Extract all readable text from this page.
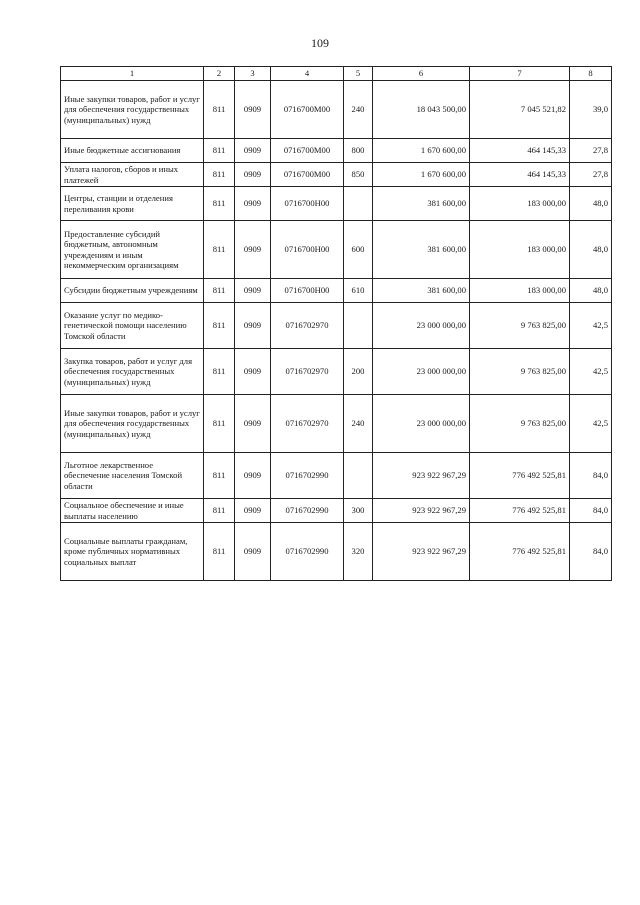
109
1	2	3	4	5	6	7	8
Иные закупки товаров, работ и услуг для обеспечения государственных (муниципальных) нужд	811	0909	0716700М00	240	18 043 500,00	7 045 521,82	39,0
Иные бюджетные ассигнования	811	0909	0716700М00	800	1 670 600,00	464 145,33	27,8
Уплата налогов, сборов и иных платежей	811	0909	0716700М00	850	1 670 600,00	464 145,33	27,8
Центры, станции и отделения переливания крови	811	0909	0716700Н00		381 600,00	183 000,00	48,0
Предоставление субсидий бюджетным, автономным учреждениям и иным некоммерческим организациям	811	0909	0716700Н00	600	381 600,00	183 000,00	48,0
Субсидии бюджетным учреждениям	811	0909	0716700Н00	610	381 600,00	183 000,00	48,0
Оказание услуг по медико-генетической помощи населению Томской области	811	0909	0716702970		23 000 000,00	9 763 825,00	42,5
Закупка товаров, работ и услуг для обеспечения государственных (муниципальных) нужд	811	0909	0716702970	200	23 000 000,00	9 763 825,00	42,5
Иные закупки товаров, работ и услуг для обеспечения государственных (муниципальных) нужд	811	0909	0716702970	240	23 000 000,00	9 763 825,00	42,5
Льготное лекарственное обеспечение населения Томской области	811	0909	0716702990		923 922 967,29	776 492 525,81	84,0
Социальное обеспечение и иные выплаты населению	811	0909	0716702990	300	923 922 967,29	776 492 525,81	84,0
Социальные выплаты гражданам, кроме публичных нормативных социальных выплат	811	0909	0716702990	320	923 922 967,29	776 492 525,81	84,0
